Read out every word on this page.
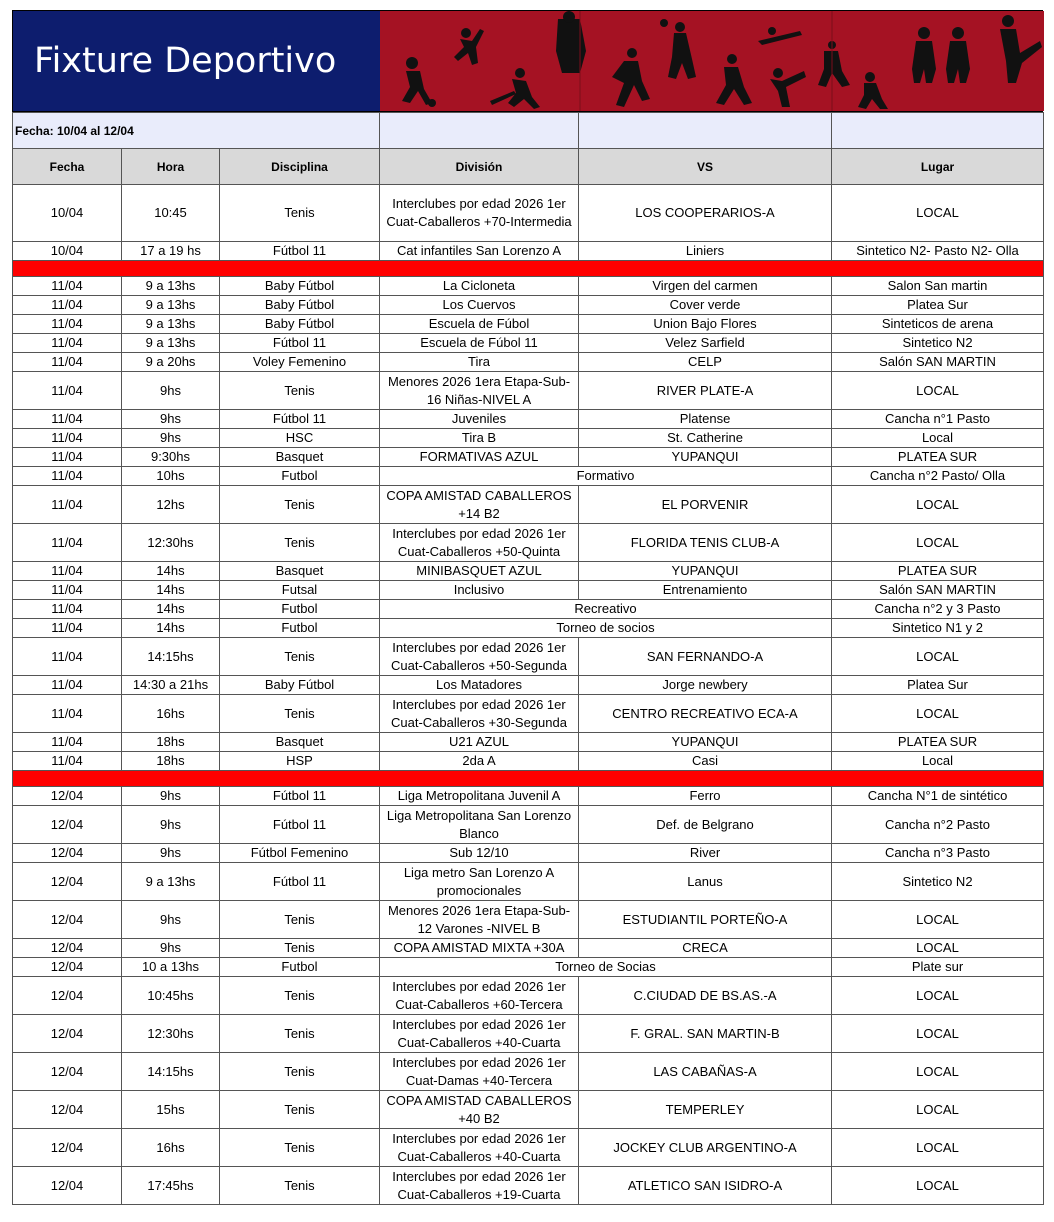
Fixture Deportivo
Fecha: 10/04 al 12/04					
Fecha	Hora	Disciplina	División	VS	Lugar
10/04	10:45	Tenis	Interclubes por edad 2026 1er Cuat-Caballeros +70-Intermedia	LOS COOPERARIOS-A	LOCAL
10/04	17 a 19 hs	Fútbol 11	Cat infantiles San Lorenzo A	Liniers	Sintetico N2- Pasto N2- Olla

11/04	9 a 13hs	Baby Fútbol	La Cicloneta	Virgen del carmen	Salon San martin
11/04	9 a 13hs	Baby Fútbol	Los Cuervos	Cover verde	Platea Sur
11/04	9 a 13hs	Baby Fútbol	Escuela de Fúbol	Union Bajo Flores	Sinteticos de arena
11/04	9 a 13hs	Fútbol 11	Escuela de Fúbol 11	Velez Sarfield	Sintetico N2
11/04	9 a 20hs	Voley Femenino	Tira	CELP	Salón SAN MARTIN
11/04	9hs	Tenis	Menores 2026 1era Etapa-Sub-16 Niñas-NIVEL A	RIVER PLATE-A	LOCAL
11/04	9hs	Fútbol 11	Juveniles	Platense	Cancha n°1 Pasto
11/04	9hs	HSC	Tira B	St. Catherine	Local
11/04	9:30hs	Basquet	FORMATIVAS AZUL	YUPANQUI	PLATEA SUR
11/04	10hs	Futbol	Formativo		Cancha n°2 Pasto/ Olla
11/04	12hs	Tenis	COPA AMISTAD CABALLEROS +14 B2	EL PORVENIR	LOCAL
11/04	12:30hs	Tenis	Interclubes por edad 2026 1er Cuat-Caballeros +50-Quinta	FLORIDA TENIS CLUB-A	LOCAL
11/04	14hs	Basquet	MINIBASQUET AZUL	YUPANQUI	PLATEA SUR
11/04	14hs	Futsal	Inclusivo	Entrenamiento	Salón SAN MARTIN
11/04	14hs	Futbol	Recreativo		Cancha n°2 y 3 Pasto
11/04	14hs	Futbol	Torneo de socios		Sintetico N1 y 2
11/04	14:15hs	Tenis	Interclubes por edad 2026 1er Cuat-Caballeros +50-Segunda	SAN FERNANDO-A	LOCAL
11/04	14:30 a 21hs	Baby Fútbol	Los Matadores	Jorge newbery	Platea Sur
11/04	16hs	Tenis	Interclubes por edad 2026 1er Cuat-Caballeros +30-Segunda	CENTRO RECREATIVO ECA-A	LOCAL
11/04	18hs	Basquet	U21 AZUL	YUPANQUI	PLATEA SUR
11/04	18hs	HSP	2da A	Casi	Local

12/04	9hs	Fútbol 11	Liga Metropolitana Juvenil A	Ferro	Cancha N°1 de sintético
12/04	9hs	Fútbol 11	Liga Metropolitana San Lorenzo Blanco	Def. de Belgrano	Cancha n°2 Pasto
12/04	9hs	Fútbol Femenino	Sub 12/10	River	Cancha n°3 Pasto
12/04	9 a 13hs	Fútbol 11	Liga metro San Lorenzo A promocionales	Lanus	Sintetico N2
12/04	9hs	Tenis	Menores 2026 1era Etapa-Sub-12 Varones -NIVEL B	ESTUDIANTIL PORTEÑO-A	LOCAL
12/04	9hs	Tenis	COPA AMISTAD MIXTA +30A	CRECA	LOCAL
12/04	10 a 13hs	Futbol	Torneo de Socias		Plate sur
12/04	10:45hs	Tenis	Interclubes por edad 2026 1er Cuat-Caballeros +60-Tercera	C.CIUDAD DE BS.AS.-A	LOCAL
12/04	12:30hs	Tenis	Interclubes por edad 2026 1er Cuat-Caballeros +40-Cuarta	F. GRAL. SAN MARTIN-B	LOCAL
12/04	14:15hs	Tenis	Interclubes por edad 2026 1er Cuat-Damas +40-Tercera	LAS CABAÑAS-A	LOCAL
12/04	15hs	Tenis	COPA AMISTAD CABALLEROS +40 B2	TEMPERLEY	LOCAL
12/04	16hs	Tenis	Interclubes por edad 2026 1er Cuat-Caballeros +40-Cuarta	JOCKEY CLUB ARGENTINO-A	LOCAL
12/04	17:45hs	Tenis	Interclubes por edad 2026 1er Cuat-Caballeros +19-Cuarta	ATLETICO SAN ISIDRO-A	LOCAL
